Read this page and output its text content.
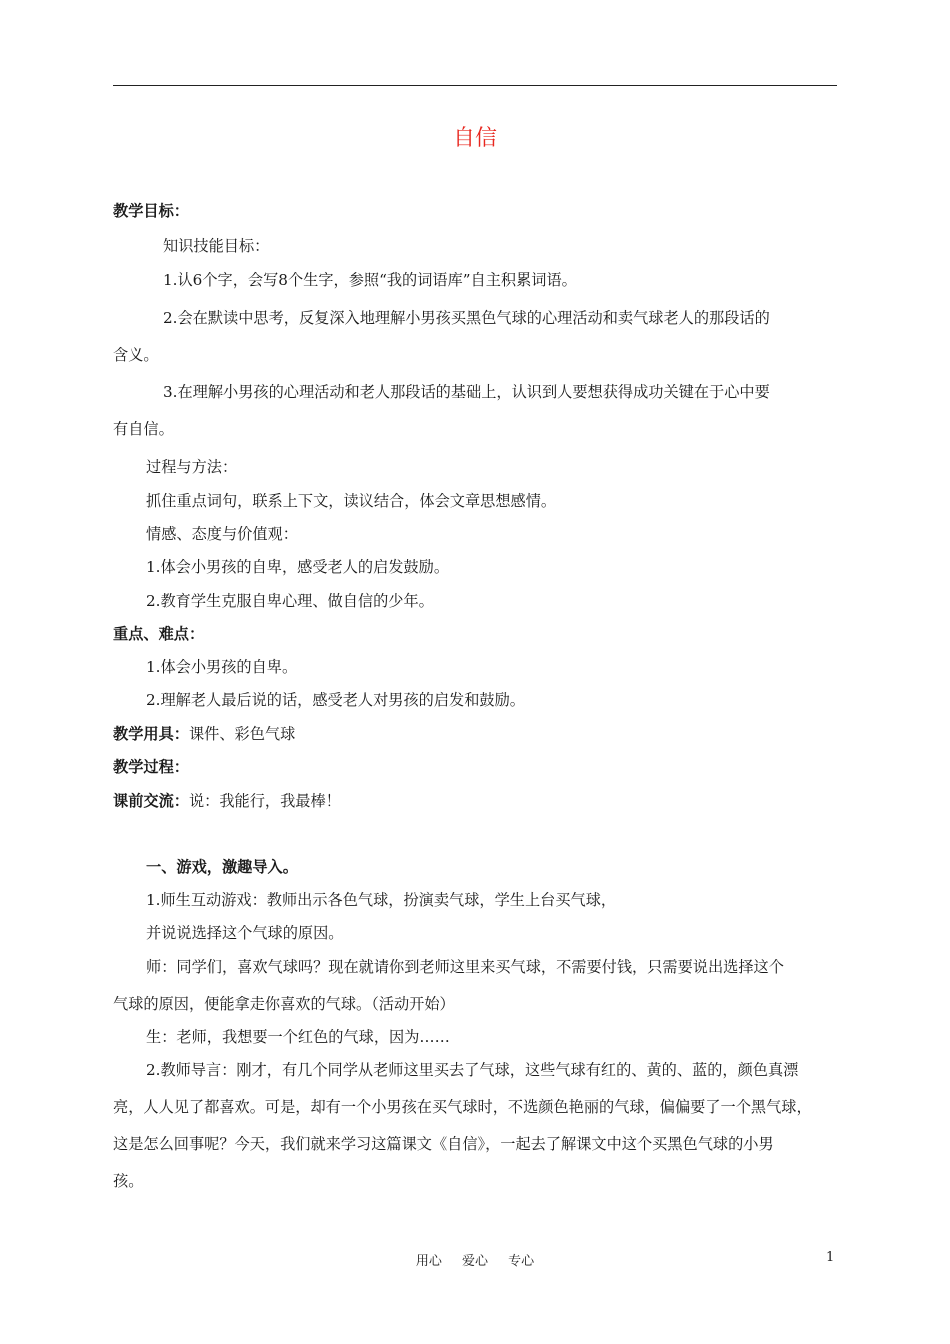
自信
教学目标：
知识技能目标：
1.认6个字，会写8个生字，参照“我的词语库”自主积累词语。
2.会在默读中思考，反复深入地理解小男孩买黑色气球的心理活动和卖气球老人的那段话的
含义。
3.在理解小男孩的心理活动和老人那段话的基础上，认识到人要想获得成功关键在于心中要
有自信。
过程与方法：
抓住重点词句，联系上下文，读议结合，体会文章思想感情。
情感、态度与价值观：
1.体会小男孩的自卑，感受老人的启发鼓励。
2.教育学生克服自卑心理、做自信的少年。
重点、难点：
1.体会小男孩的自卑。
2.理解老人最后说的话，感受老人对男孩的启发和鼓励。
教学用具：课件、彩色气球
教学过程：
课前交流：说：我能行，我最棒！
一、游戏，激趣导入。
1.师生互动游戏：教师出示各色气球，扮演卖气球，学生上台买气球，
并说说选择这个气球的原因。
师：同学们，喜欢气球吗？现在就请你到老师这里来买气球，不需要付钱，只需要说出选择这个
气球的原因，便能拿走你喜欢的气球。（活动开始）
生：老师，我想要一个红色的气球，因为……
2.教师导言：刚才，有几个同学从老师这里买去了气球，这些气球有红的、黄的、蓝的，颜色真漂
亮，人人见了都喜欢。可是，却有一个小男孩在买气球时，不选颜色艳丽的气球，偏偏要了一个黑气球，
这是怎么回事呢？今天，我们就来学习这篇课文《自信》，一起去了解课文中这个买黑色气球的小男
孩。
用心 爱心 专心	1
